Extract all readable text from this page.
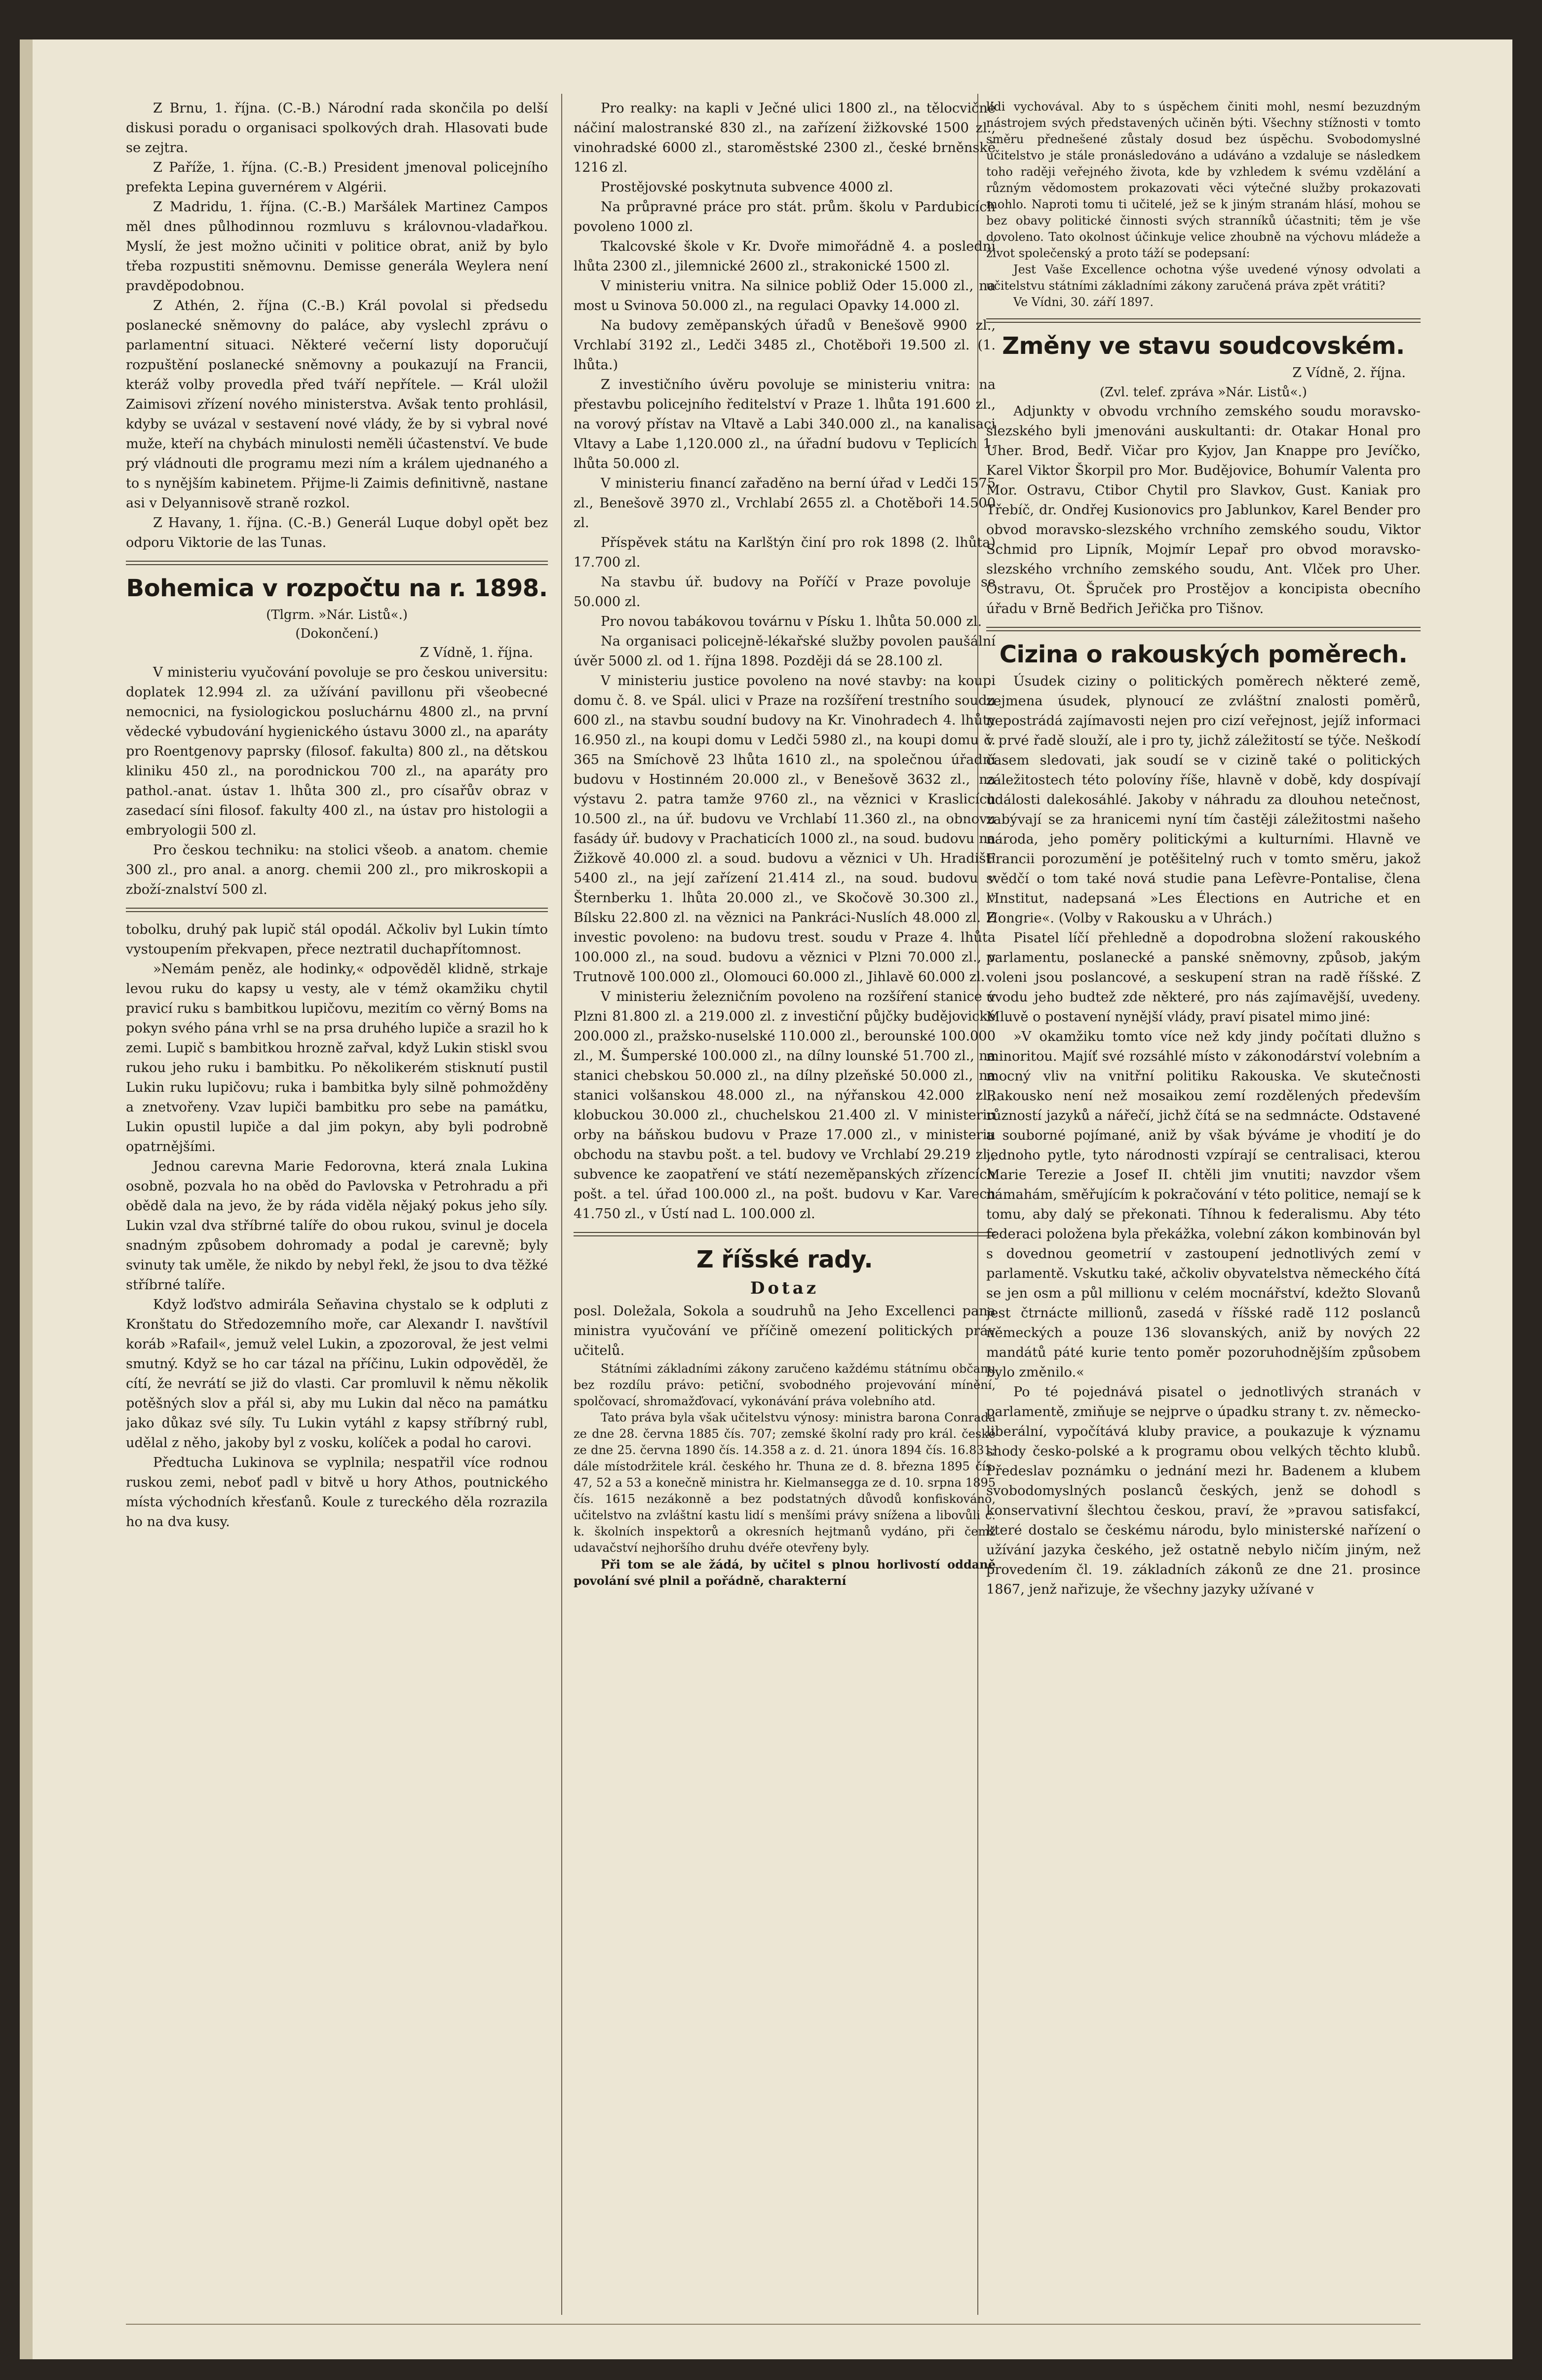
Z Brnu, 1. října. (C.-B.) Národní rada skončila po delší diskusi poradu o organisaci spolkových drah. Hlasovati bude se zejtra.

Z Paříže, 1. října. (C.-B.) President jmenoval policejního prefekta Lepina guvernérem v Algérii.

Z Madridu, 1. října. (C.-B.) Maršálek Martinez Campos měl dnes půlhodinnou rozmluvu s královnou-vladařkou. Myslí, že jest možno učiniti v politice obrat, aniž by bylo třeba rozpustiti sněmovnu. Demisse generála Weylera není pravděpodobnou.

Z Athén, 2. října (C.-B.) Král povolal si předsedu poslanecké sněmovny do paláce, aby vyslechl zprávu o parlamentní situaci. Některé večerní listy doporučují rozpuštění poslanecké sněmovny a poukazují na Francii, kteráž volby provedla před tváří nepřítele. — Král uložil Zaimisovi zřízení nového ministerstva. Avšak tento prohlásil, kdyby se uvázal v sestavení nové vlády, že by si vybral nové muže, kteří na chybách minulosti neměli účastenství. Ve bude prý vládnouti dle programu mezi ním a králem ujednaného a to s nynějším kabinetem. Přijme-li Zaimis definitivně, nastane asi v Delyannisově straně rozkol.

Z Havany, 1. října. (C.-B.) Generál Luque dobyl opět bez odporu Viktorie de las Tunas.

Bohemica v rozpočtu na r. 1898.

(Tlgrm. »Nár. Listů«.)

(Dokončení.)

Z Vídně, 1. října.

V ministeriu vyučování povoluje se pro českou universitu: doplatek 12.994 zl. za užívání pavillonu při všeobecné nemocnici, na fysiologickou posluchárnu 4800 zl., na první vědecké vybudování hygienického ústavu 3000 zl., na aparáty pro Roentgenovy paprsky (filosof. fakulta) 800 zl., na dětskou kliniku 450 zl., na porodnickou 700 zl., na aparáty pro pathol.-anat. ústav 1. lhůta 300 zl., pro císařův obraz v zasedací síni filosof. fakulty 400 zl., na ústav pro histologii a embryologii 500 zl.

Pro českou techniku: na stolici všeob. a anatom. chemie 300 zl., pro anal. a anorg. chemii 200 zl., pro mikroskopii a zboží-znalství 500 zl.

tobolku, druhý pak lupič stál opodál. Ačkoliv byl Lukin tímto vystoupením překvapen, přece neztratil duchapřítomnost.

»Nemám peněz, ale hodinky,« odpověděl klidně, strkaje levou ruku do kapsy u vesty, ale v témž okamžiku chytil pravicí ruku s bambitkou lupičovu, mezitím co věrný Boms na pokyn svého pána vrhl se na prsa druhého lupiče a srazil ho k zemi. Lupič s bambitkou hrozně zařval, když Lukin stiskl svou rukou jeho ruku i bambitku. Po několikerém stisknutí pustil Lukin ruku lupičovu; ruka i bambitka byly silně pohmožděny a znetvořeny. Vzav lupiči bambitku pro sebe na památku, Lukin opustil lupiče a dal jim pokyn, aby byli podrobně opatrnějšími.

Jednou carevna Marie Fedorovna, která znala Lukina osobně, pozvala ho na oběd do Pavlovska v Petrohradu a při obědě dala na jevo, že by ráda viděla nějaký pokus jeho síly. Lukin vzal dva stříbrné talíře do obou rukou, svinul je docela snadným způsobem dohromady a podal je carevně; byly svinuty tak uměle, že nikdo by nebyl řekl, že jsou to dva těžké stříbrné talíře.

Když loďstvo admirála Seňavina chystalo se k odpluti z Kronštatu do Středozemního moře, car Alexandr I. navštívil koráb »Rafail«, jemuž velel Lukin, a zpozoroval, že jest velmi smutný. Když se ho car tázal na příčinu, Lukin odpověděl, že cítí, že nevrátí se již do vlasti. Car promluvil k němu několik potěšných slov a přál si, aby mu Lukin dal něco na památku jako důkaz své síly. Tu Lukin vytáhl z kapsy stříbrný rubl, udělal z něho, jakoby byl z vosku, kolíček a podal ho carovi.

Předtucha Lukinova se vyplnila; nespatřil více rodnou ruskou zemi, neboť padl v bitvě u hory Athos, poutnického místa východních křesťanů. Koule z tureckého děla rozrazila ho na dva kusy.

Pro realky: na kapli v Ječné ulici 1800 zl., na tělocvičné náčiní malostranské 830 zl., na zařízení žižkovské 1500 zl., vinohradské 6000 zl., staroměstské 2300 zl., české brněnské 1216 zl.

Prostějovské poskytnuta subvence 4000 zl.

Na průpravné práce pro stát. prům. školu v Pardubicích povoleno 1000 zl.

Tkalcovské škole v Kr. Dvoře mimořádně 4. a poslední lhůta 2300 zl., jilemnické 2600 zl., strakonické 1500 zl.

V ministeriu vnitra. Na silnice pobliž Oder 15.000 zl., na most u Svinova 50.000 zl., na regulaci Opavky 14.000 zl.

Na budovy zeměpanských úřadů v Benešově 9900 zl., Vrchlabí 3192 zl., Ledči 3485 zl., Chotěboři 19.500 zl. (1. lhůta.)

Z investičního úvěru povoluje se ministeriu vnitra: na přestavbu policejního ředitelství v Praze 1. lhůta 191.600 zl., na vorový přístav na Vltavě a Labi 340.000 zl., na kanalisaci Vltavy a Labe 1,120.000 zl., na úřadní budovu v Teplicích 1. lhůta 50.000 zl.

V ministeriu financí zařaděno na berní úřad v Ledči 1575 zl., Benešově 3970 zl., Vrchlabí 2655 zl. a Chotěboři 14.500 zl.

Příspěvek státu na Karlštýn činí pro rok 1898 (2. lhůta) 17.700 zl.

Na stavbu úř. budovy na Poříčí v Praze povoluje se 50.000 zl.

Pro novou tabákovou továrnu v Písku 1. lhůta 50.000 zl.

Na organisaci policejně-lékařské služby povolen paušální úvěr 5000 zl. od 1. října 1898. Později dá se 28.100 zl.

V ministeriu justice povoleno na nové stavby: na koupi domu č. 8. ve Spál. ulici v Praze na rozšíření trestního soudu 600 zl., na stavbu soudní budovy na Kr. Vinohradech 4. lhůty 16.950 zl., na koupi domu v Ledči 5980 zl., na koupi domu č. 365 na Smíchově 23 lhůta 1610 zl., na společnou úřadní budovu v Hostinném 20.000 zl., v Benešově 3632 zl., na výstavu 2. patra tamže 9760 zl., na věznici v Kraslicích 10.500 zl., na úř. budovu ve Vrchlabí 11.360 zl., na obnovu fasády úř. budovy v Prachaticích 1000 zl., na soud. budovu na Žižkově 40.000 zl. a soud. budovu a věznici v Uh. Hradišti 5400 zl., na její zařízení 21.414 zl., na soud. budovu v Šternberku 1. lhůta 20.000 zl., ve Skočově 30.300 zl., v Bílsku 22.800 zl. na věznici na Pankráci-Nuslích 48.000 zl. Z investic povoleno: na budovu trest. soudu v Praze 4. lhůta 100.000 zl., na soud. budovu a věznici v Plzni 70.000 zl., v Trutnově 100.000 zl., Olomouci 60.000 zl., Jihlavě 60.000 zl.

V ministeriu železničním povoleno na rozšíření stanice v Plzni 81.800 zl. a 219.000 zl. z investiční půjčky budějovické 200.000 zl., pražsko-nuselské 110.000 zl., berounské 100.000 zl., M. Šumperské 100.000 zl., na dílny lounské 51.700 zl., na stanici chebskou 50.000 zl., na dílny plzeňské 50.000 zl., na stanici volšanskou 48.000 zl., na nýřanskou 42.000 zl., klobuckou 30.000 zl., chuchelskou 21.400 zl. V ministeriu orby na báňskou budovu v Praze 17.000 zl., v ministeriu obchodu na stavbu pošt. a tel. budovy ve Vrchlabí 29.219 zl., subvence ke zaopatření ve státí nezeměpanských zřízencích pošt. a tel. úřad 100.000 zl., na pošt. budovu v Kar. Varech 41.750 zl., v Ústí nad L. 100.000 zl.

Z říšské rady.
Dotaz

posl. Doležala, Sokola a soudruhů na Jeho Excellenci pana ministra vyučování ve příčině omezení politických práv učitelů.

Státními základními zákony zaručeno každému státnímu občanu bez rozdílu právo: petiční, svobodného projevování mínění, spolčovací, shromažďovací, vykonávání práva volebního atd.

Tato práva byla však učitelstvu výnosy: ministra barona Conrada ze dne 28. června 1885 čís. 707; zemské školní rady pro král. české ze dne 25. června 1890 čís. 14.358 a z. d. 21. února 1894 čís. 16.831; dále místodržitele král. českého hr. Thuna ze d. 8. března 1895 čís. 47, 52 a 53 a konečně ministra hr. Kielmansegga ze d. 10. srpna 1895 čís. 1615 nezákonně a bez podstatných důvodů konfiskováno, učitelstvo na zvláštní kastu lidí s menšími právy snížena a libovůli c. k. školních inspektorů a okresních hejtmanů vydáno, při čemž udavačství nejhoršího druhu dvéře otevřeny byly.

Při tom se ale žádá, by učitel s plnou horlivostí oddaně povolání své plnil a pořádně, charakterní

lidi vychovával. Aby to s úspěchem činiti mohl, nesmí bezuzdným nástrojem svých představených učiněn býti. Všechny stížnosti v tomto směru přednešené zůstaly dosud bez úspěchu. Svobodomyslné učitelstvo je stále pronásledováno a udáváno a vzdaluje se následkem toho raději veřejného života, kde by vzhledem k svému vzdělání a různým vědomostem prokazovati věci výtečné služby prokazovati mohlo. Naproti tomu ti učitelé, jež se k jiným stranám hlásí, mohou se bez obavy politické činnosti svých stranníků účastniti; těm je vše dovoleno. Tato okolnost účinkuje velice zhoubně na výchovu mládeže a život společenský a proto táží se podepsaní:

Jest Vaše Excellence ochotna výše uvedené výnosy odvolati a učitelstvu státními základními zákony zaručená práva zpět vrátiti?

Ve Vídni, 30. září 1897.

Změny ve stavu soudcovském.

Z Vídně, 2. října.

(Zvl. telef. zpráva »Nár. Listů«.)

Adjunkty v obvodu vrchního zemského soudu moravsko-slezského byli jmenováni auskultanti: dr. Otakar Honal pro Uher. Brod, Bedř. Vičar pro Kyjov, Jan Knappe pro Jevíčko, Karel Viktor Škorpil pro Mor. Budějovice, Bohumír Valenta pro Mor. Ostravu, Ctibor Chytil pro Slavkov, Gust. Kaniak pro Třebíč, dr. Ondřej Kusionovics pro Jablunkov, Karel Bender pro obvod moravsko-slezského vrchního zemského soudu, Viktor Schmid pro Lipník, Mojmír Lepař pro obvod moravsko-slezského vrchního zemského soudu, Ant. Vlček pro Uher. Ostravu, Ot. Špruček pro Prostějov a koncipista obecního úřadu v Brně Bedřich Jeřička pro Tišnov.

Cizina o rakouských poměrech.

Úsudek ciziny o politických poměrech některé země, zejmena úsudek, plynoucí ze zvláštní znalosti poměrů, nepostrádá zajímavosti nejen pro cizí veřejnost, jejíž informaci v prvé řadě slouží, ale i pro ty, jichž záležitostí se týče. Neškodí časem sledovati, jak soudí se v cizině také o politických záležitostech této polovíny říše, hlavně v době, kdy dospívají události dalekosáhlé. Jakoby v náhradu za dlouhou netečnost, zabývají se za hranicemi nyní tím častěji záležitostmi našeho národa, jeho poměry politickými a kulturními. Hlavně ve Francii porozumění je potěšitelný ruch v tomto směru, jakož svědčí o tom také nová studie pana Lefèvre-Pontalise, člena l'Institut, nadepsaná »Les Élections en Autriche et en Hongrie«. (Volby v Rakousku a v Uhrách.)

Pisatel líčí přehledně a dopodrobna složení rakouského parlamentu, poslanecké a panské sněmovny, způsob, jakým voleni jsou poslancové, a seskupení stran na radě říšské. Z úvodu jeho budtež zde některé, pro nás zajímavější, uvedeny. Mluvě o postavení nynější vlády, praví pisatel mimo jiné:

»V okamžiku tomto více než kdy jindy počítati dlužno s minoritou. Majíť své rozsáhlé místo v zákonodárství volebním a mocný vliv na vnitřní politiku Rakouska. Ve skutečnosti Rakousko není než mosaikou zemí rozdělených především růzností jazyků a nářečí, jichž čítá se na sedmnácte. Odstavené a souborné pojímané, aniž by však býváme je vhodití je do jednoho pytle, tyto národnosti vzpírají se centralisaci, kterou Marie Terezie a Josef II. chtěli jim vnutiti; navzdor všem námahám, směřujícím k pokračování v této politice, nemají se k tomu, aby dalý se překonati. Tíhnou k federalismu. Aby této federaci položena byla překážka, volební zákon kombinován byl s dovednou geometrií v zastoupení jednotlivých zemí v parlamentě. Vskutku také, ačkoliv obyvatelstva německého čítá se jen osm a půl millionu v celém mocnářství, kdežto Slovanů jest čtrnácte millionů, zasedá v říšské radě 112 poslanců německých a pouze 136 slovanských, aniž by nových 22 mandátů páté kurie tento poměr pozoruhodnějším způsobem bylo změnilo.«

Po té pojednává pisatel o jednotlivých stranách v parlamentě, zmiňuje se nejprve o úpadku strany t. zv. německo-liberální, vypočítává kluby pravice, a poukazuje k významu shody česko-polské a k programu obou velkých těchto klubů. Předeslav poznámku o jednání mezi hr. Badenem a klubem svobodomyslných poslanců českých, jenž se dohodl s konservativní šlechtou českou, praví, že »pravou satisfakcí, které dostalo se českému národu, bylo ministerské nařízení o užívání jazyka českého, jež ostatně nebylo ničím jiným, než provedením čl. 19. základních zákonů ze dne 21. prosince 1867, jenž nařizuje, že všechny jazyky užívané v
